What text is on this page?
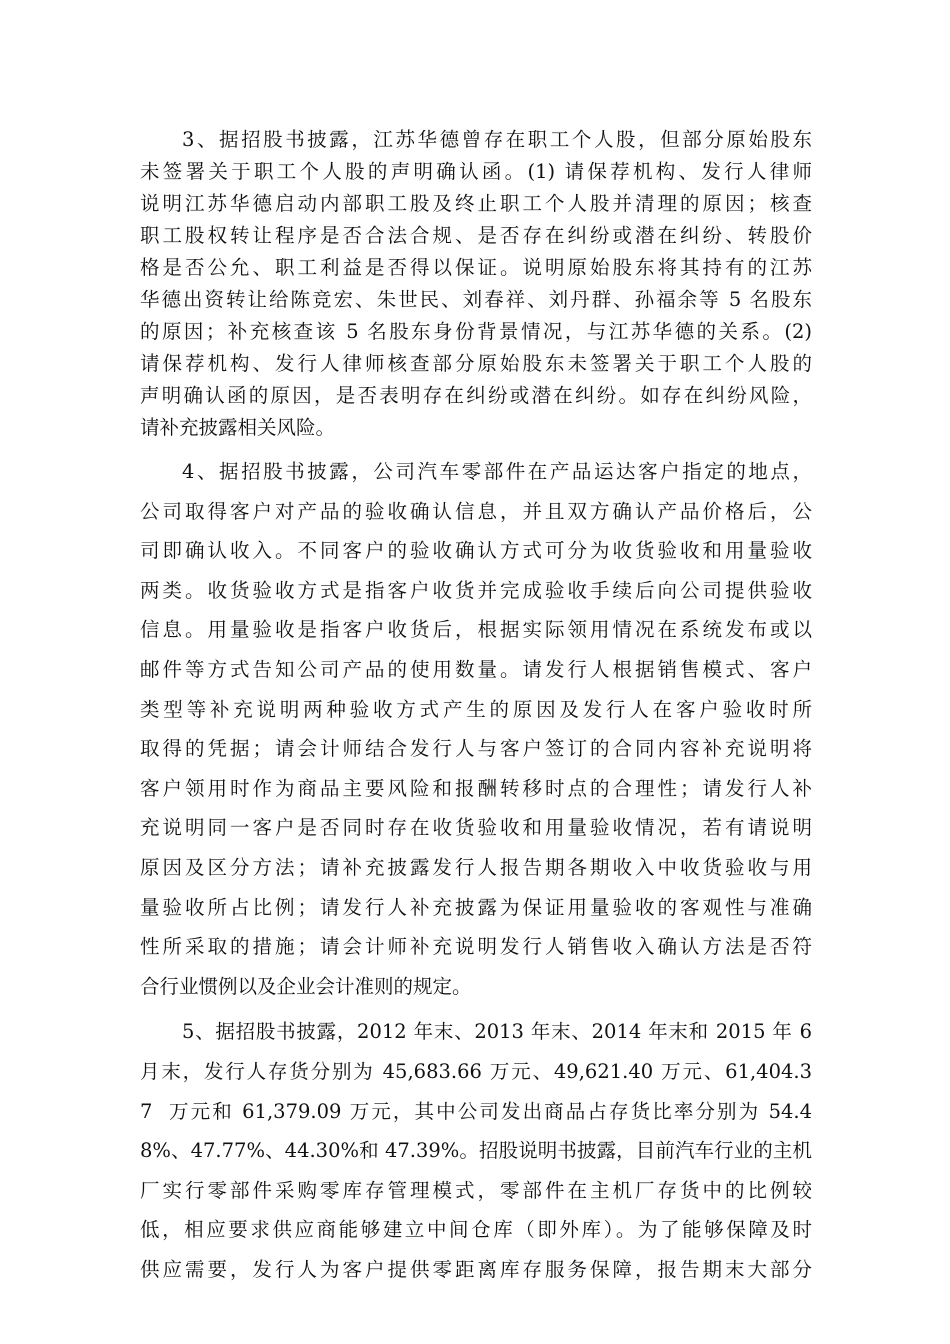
3、据招股书披露，江苏华德曾存在职工个人股，但部分原始股东
未签署关于职工个人股的声明确认函。(1) 请保荐机构、发行人律师
说明江苏华德启动内部职工股及终止职工个人股并清理的原因；核查
职工股权转让程序是否合法合规、是否存在纠纷或潜在纠纷、转股价
格是否公允、职工利益是否得以保证。说明原始股东将其持有的江苏
华德出资转让给陈竞宏、朱世民、刘春祥、刘丹群、孙福余等 5 名股东
的原因；补充核查该 5 名股东身份背景情况，与江苏华德的关系。(2)
请保荐机构、发行人律师核查部分原始股东未签署关于职工个人股的
声明确认函的原因，是否表明存在纠纷或潜在纠纷。如存在纠纷风险，
请补充披露相关风险。
4、据招股书披露，公司汽车零部件在产品运达客户指定的地点，
公司取得客户对产品的验收确认信息，并且双方确认产品价格后，公
司即确认收入。不同客户的验收确认方式可分为收货验收和用量验收
两类。收货验收方式是指客户收货并完成验收手续后向公司提供验收
信息。用量验收是指客户收货后，根据实际领用情况在系统发布或以
邮件等方式告知公司产品的使用数量。请发行人根据销售模式、客户
类型等补充说明两种验收方式产生的原因及发行人在客户验收时所
取得的凭据；请会计师结合发行人与客户签订的合同内容补充说明将
客户领用时作为商品主要风险和报酬转移时点的合理性；请发行人补
充说明同一客户是否同时存在收货验收和用量验收情况，若有请说明
原因及区分方法；请补充披露发行人报告期各期收入中收货验收与用
量验收所占比例；请发行人补充披露为保证用量验收的客观性与准确
性所采取的措施；请会计师补充说明发行人销售收入确认方法是否符
合行业惯例以及企业会计准则的规定。
5、据招股书披露，2012 年末、2013 年末、2014 年末和 2015 年 6
月末，发行人存货分别为 45,683.66 万元、49,621.40 万元、61,404.3
7  万元和 61,379.09 万元，其中公司发出商品占存货比率分别为 54.4
8%、47.77%、44.30%和 47.39%。招股说明书披露，目前汽车行业的主机
厂实行零部件采购零库存管理模式，零部件在主机厂存货中的比例较
低，相应要求供应商能够建立中间仓库（即外库）。为了能够保障及时
供应需要，发行人为客户提供零距离库存服务保障，报告期末大部分
